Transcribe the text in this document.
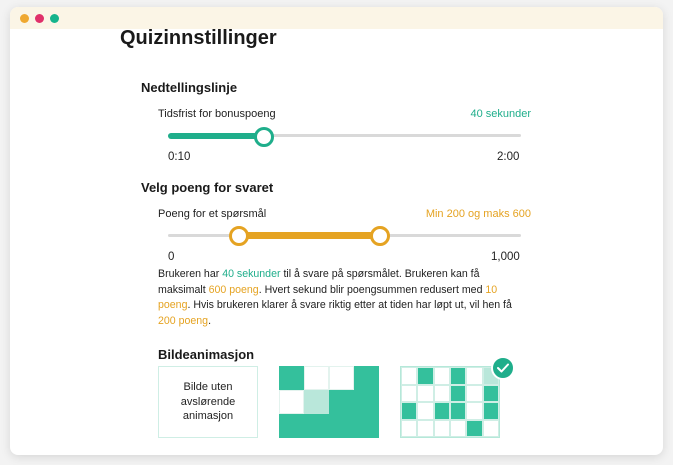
Quizinnstillinger
Nedtellingslinje
Tidsfrist for bonuspoeng	40 sekunder
0:10	2:00
Velg poeng for svaret
Poeng for et spørsmål	Min 200 og maks 600
0	1,000
Brukeren har 40 sekunder til å svare på spørsmålet. Brukeren kan få maksimalt 600 poeng. Hvert sekund blir poengsummen redusert med 10 poeng. Hvis brukeren klarer å svare riktig etter at tiden har løpt ut, vil hen få 200 poeng.
Bildeanimasjon
Bilde uten avslørende animasjon
